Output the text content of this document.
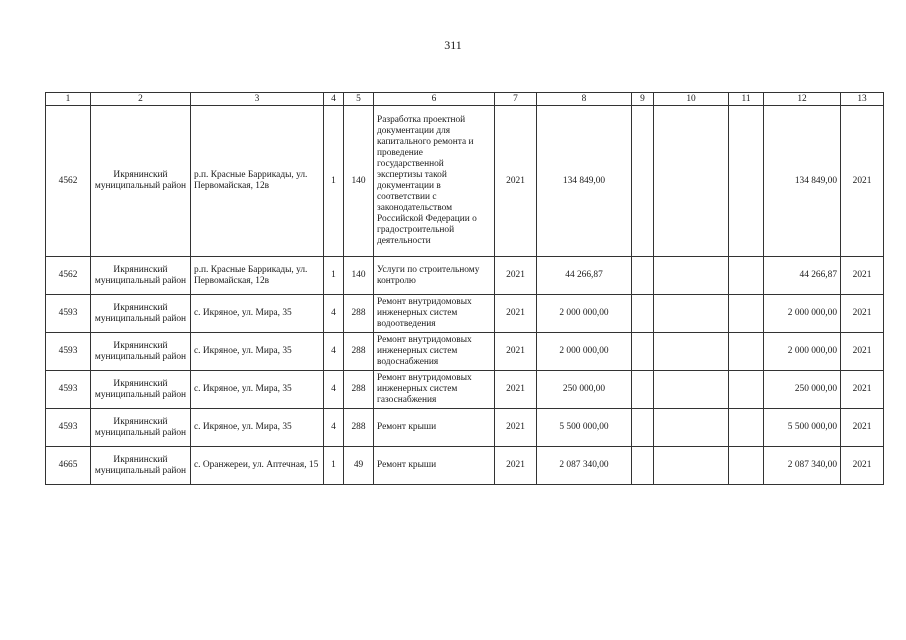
311
1	2	3	4	5	6	7	8	9	10	11	12	13
4562	Икрянинский муниципальный район	р.п. Красные Баррикады, ул. Первомайская, 12в	1	140	Разработка проектной документации для капитального ремонта и проведение государственной экспертизы такой документации в соответствии с законодательством Российской Федерации о градостроительной деятельности	2021	134 849,00				134 849,00	2021
4562	Икрянинский муниципальный район	р.п. Красные Баррикады, ул. Первомайская, 12в	1	140	Услуги по строительному контролю	2021	44 266,87				44 266,87	2021
4593	Икрянинский муниципальный район	с. Икряное, ул. Мира, 35	4	288	Ремонт внутридомовых инженерных систем водоотведения	2021	2 000 000,00				2 000 000,00	2021
4593	Икрянинский муниципальный район	с. Икряное, ул. Мира, 35	4	288	Ремонт внутридомовых инженерных систем водоснабжения	2021	2 000 000,00				2 000 000,00	2021
4593	Икрянинский муниципальный район	с. Икряное, ул. Мира, 35	4	288	Ремонт внутридомовых инженерных систем газоснабжения	2021	250 000,00				250 000,00	2021
4593	Икрянинский муниципальный район	с. Икряное, ул. Мира, 35	4	288	Ремонт крыши	2021	5 500 000,00				5 500 000,00	2021
4665	Икрянинский муниципальный район	с. Оранжереи, ул. Аптечная, 15	1	49	Ремонт крыши	2021	2 087 340,00				2 087 340,00	2021
